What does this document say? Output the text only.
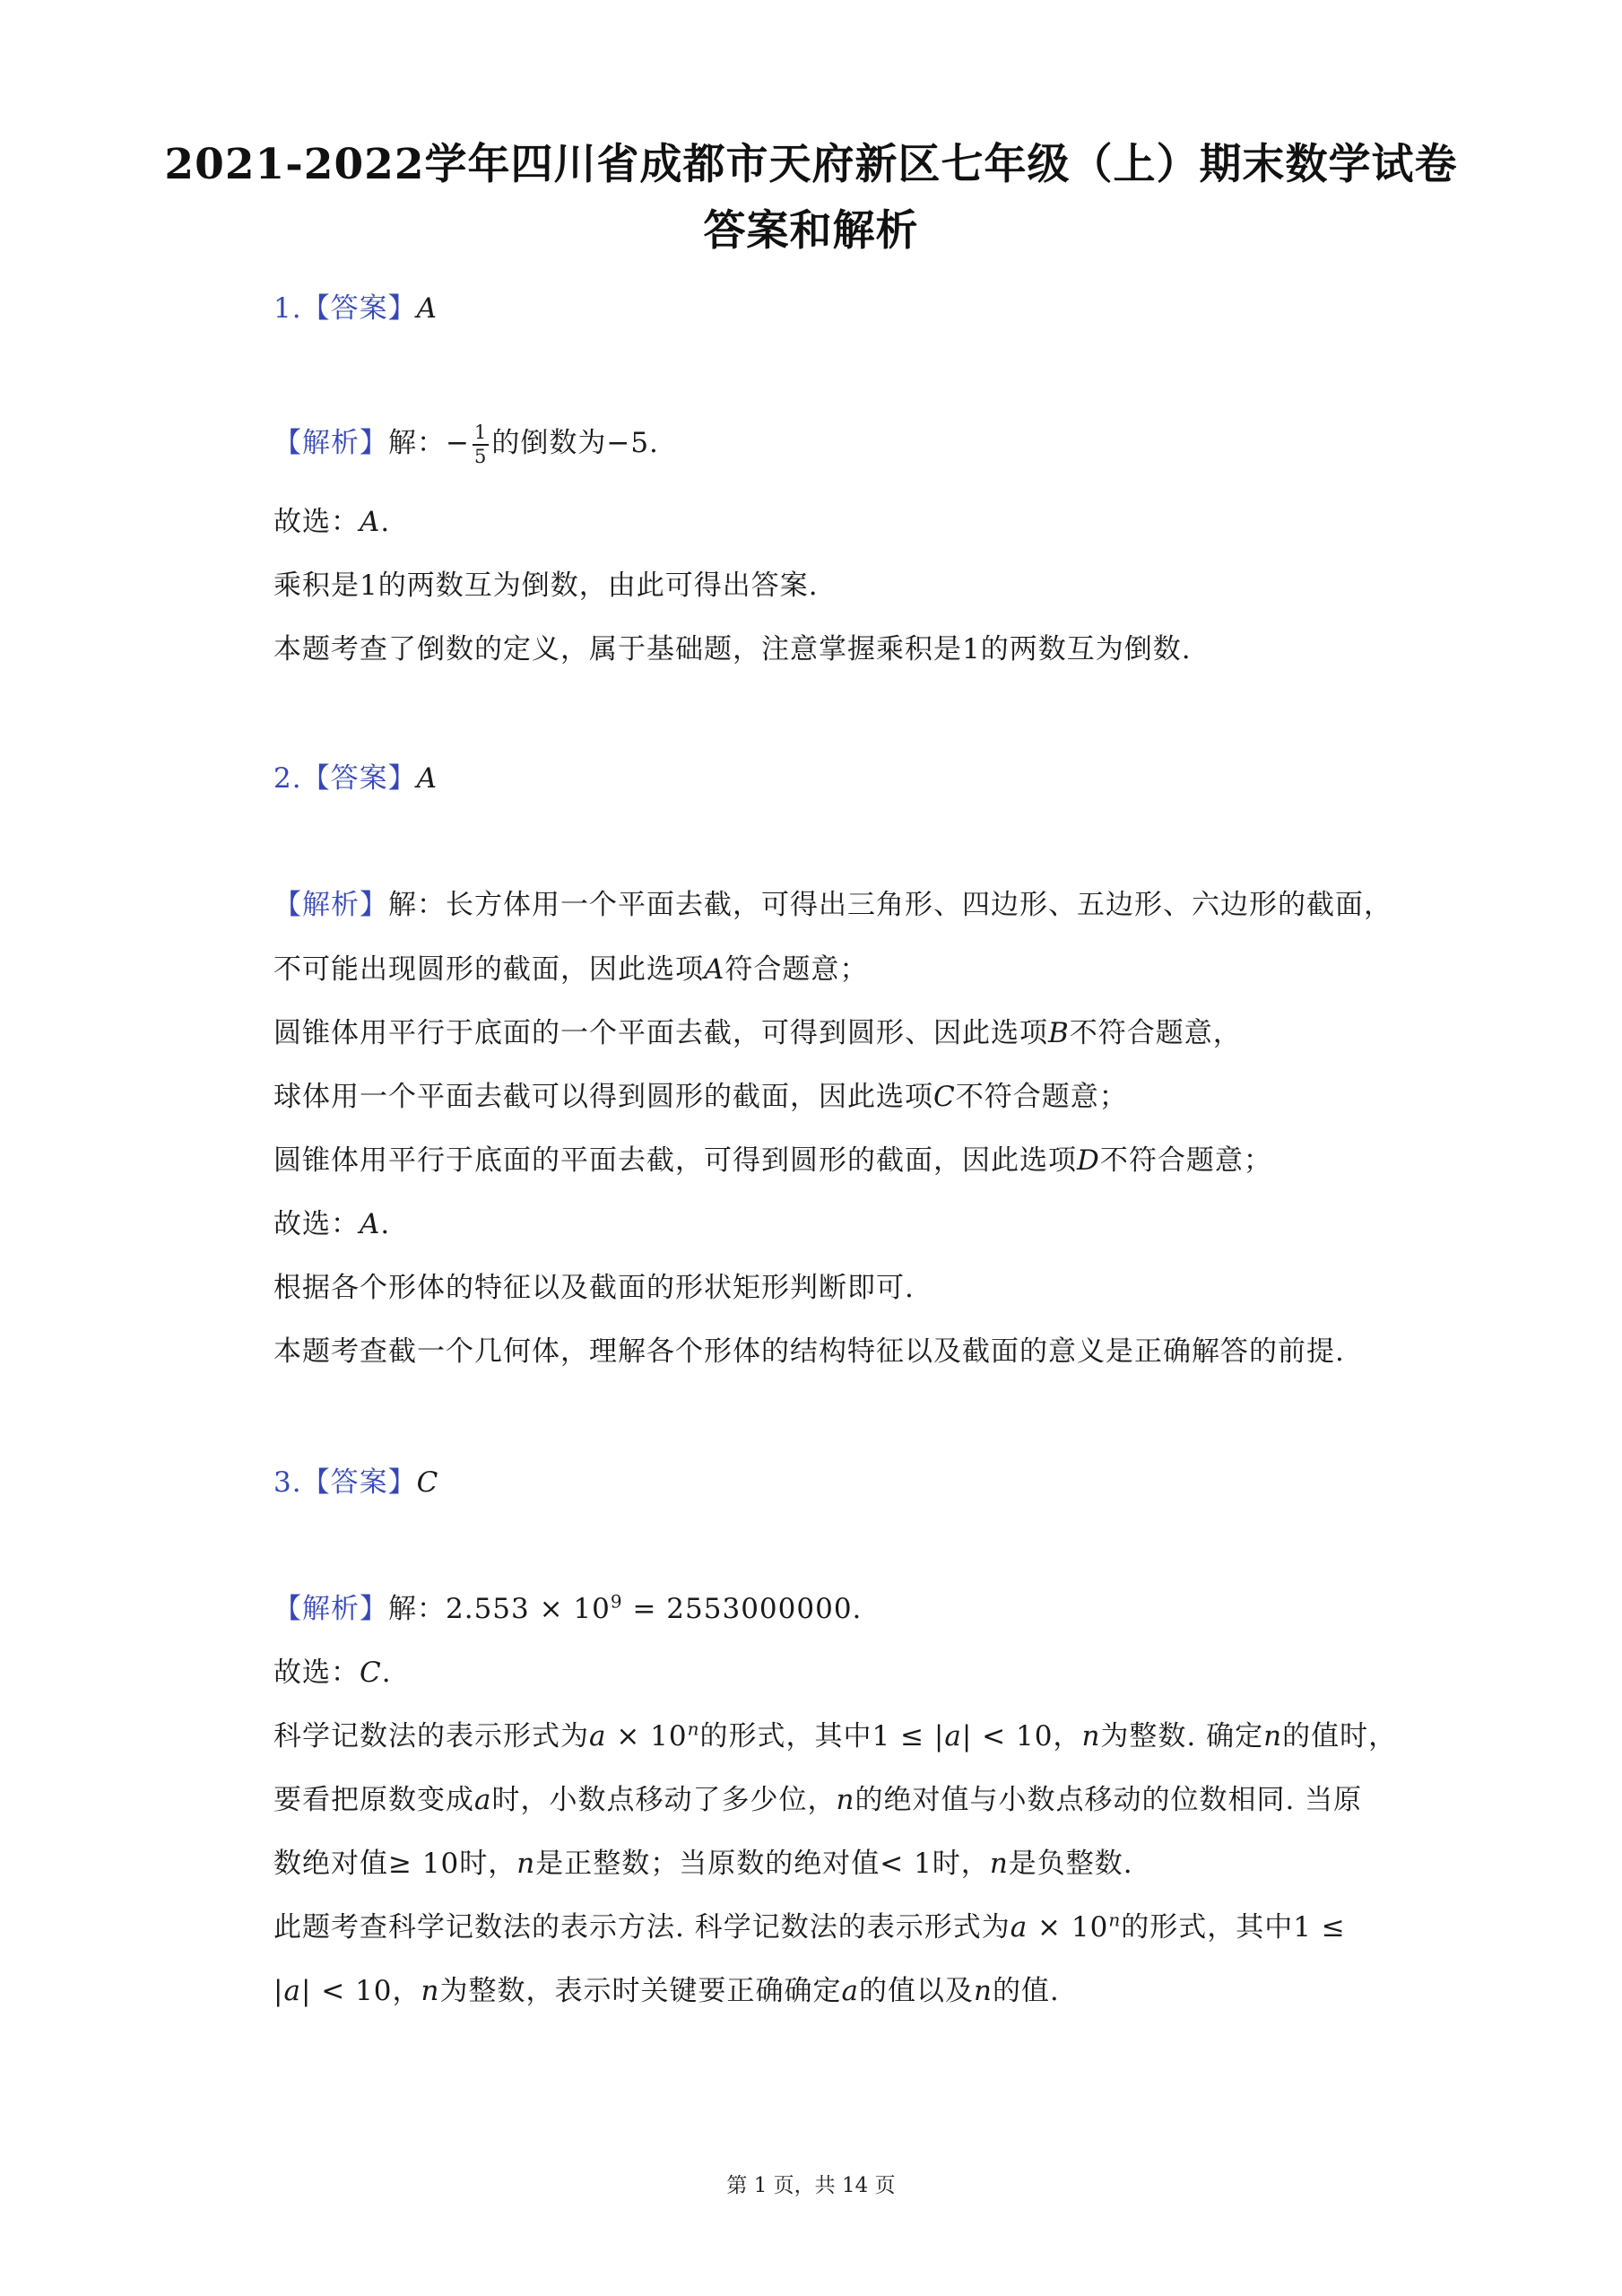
2021-2022学年四川省成都市天府新区七年级（上）期末数学试卷
答案和解析
1.【答案】A
【解析】解：− $\frac{1}{5}$ 的倒数为−5.
故选：A.
乘积是1的两数互为倒数，由此可得出答案.
本题考查了倒数的定义，属于基础题，注意掌握乘积是1的两数互为倒数.
2.【答案】A
【解析】解：长方体用一个平面去截，可得出三角形、四边形、五边形、六边形的截面，
不可能出现圆形的截面，因此选项A符合题意；
圆锥体用平行于底面的一个平面去截，可得到圆形、因此选项B不符合题意，
球体用一个平面去截可以得到圆形的截面，因此选项C不符合题意；
圆锥体用平行于底面的平面去截，可得到圆形的截面，因此选项D不符合题意；
故选：A.
根据各个形体的特征以及截面的形状矩形判断即可.
本题考查截一个几何体，理解各个形体的结构特征以及截面的意义是正确解答的前提.
3.【答案】C
【解析】解：$2.553 \times 10^9 = 2553000000$.
故选：C.
科学记数法的表示形式为$a \times 10^n$的形式，其中1 ≤ |a| < 10，n为整数. 确定n的值时，
要看把原数变成a时，小数点移动了多少位，n的绝对值与小数点移动的位数相同. 当原
数绝对值≥ 10时，n是正整数；当原数的绝对值< 1时，n是负整数.
此题考查科学记数法的表示方法. 科学记数法的表示形式为$a \times 10^n$的形式，其中1 ≤
|a| < 10，n为整数，表示时关键要正确确定a的值以及n的值.
第 1 页，共 14 页
